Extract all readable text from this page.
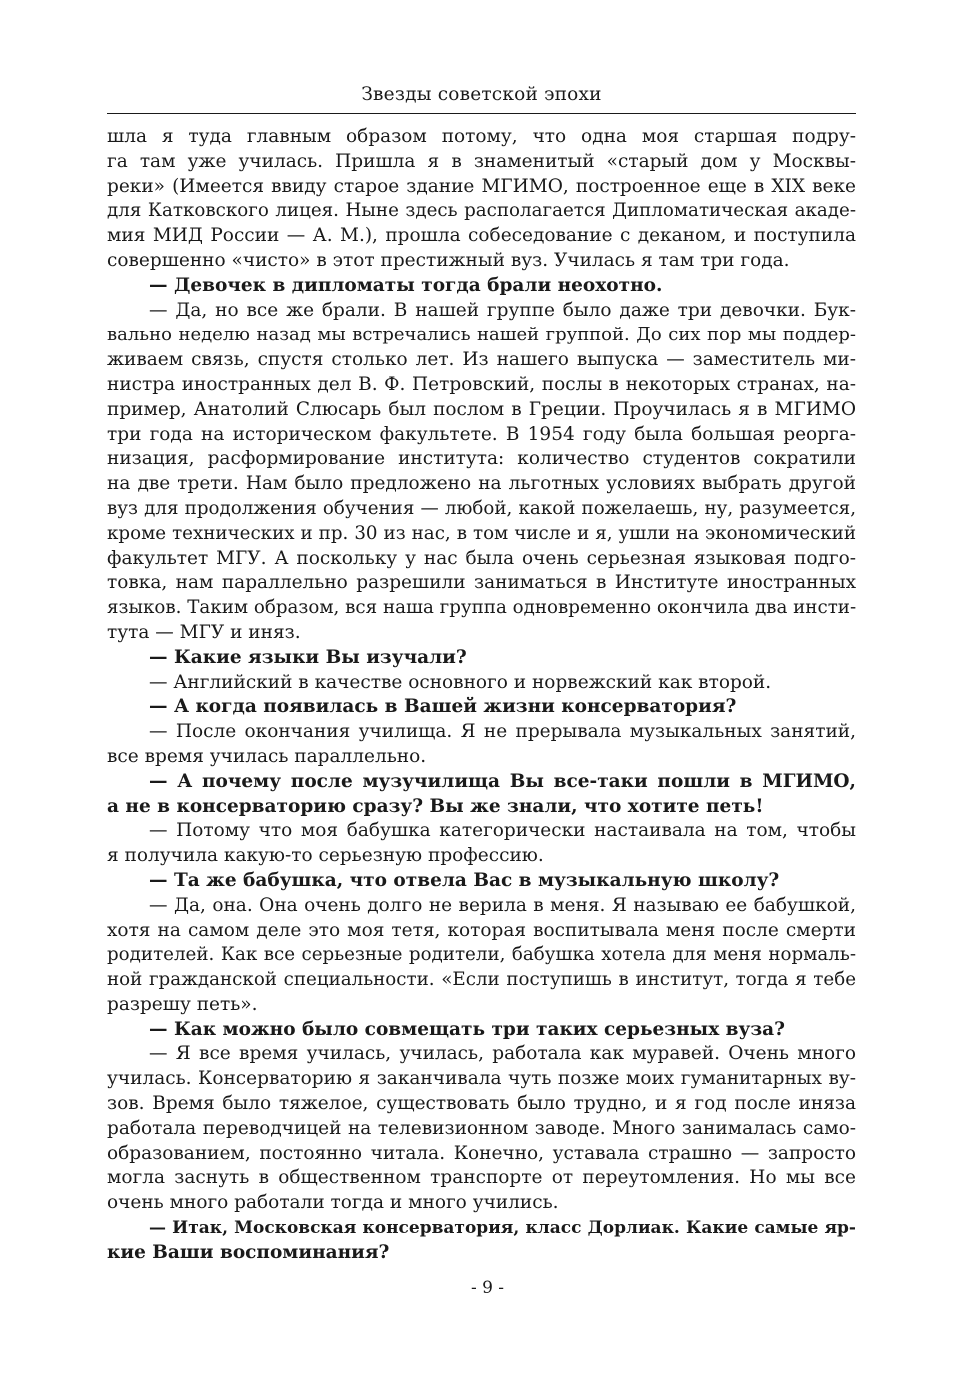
Звезды советской эпохи
шла я туда главным образом потому, что одна моя старшая подру-
га там уже училась. Пришла я в знаменитый «старый дом у Москвы-
реки» (Имеется ввиду старое здание МГИМО, построенное еще в XIX веке
для Катковского лицея. Ныне здесь располагается Дипломатическая акаде-
мия МИД России — А. М.), прошла собеседование с деканом, и поступила
совершенно «чисто» в этот престижный вуз. Училась я там три года.
— Девочек в дипломаты тогда брали неохотно.
— Да, но все же брали. В нашей группе было даже три девочки. Бук-
вально неделю назад мы встречались нашей группой. До сих пор мы поддер-
живаем связь, спустя столько лет. Из нашего выпуска — заместитель ми-
нистра иностранных дел В. Ф. Петровский, послы в некоторых странах, на-
пример, Анатолий Слюсарь был послом в Греции. Проучилась я в МГИМО
три года на историческом факультете. В 1954 году была большая реорга-
низация, расформирование института: количество студентов сократили
на две трети. Нам было предложено на льготных условиях выбрать другой
вуз для продолжения обучения — любой, какой пожелаешь, ну, разумеется,
кроме технических и пр. 30 из нас, в том числе и я, ушли на экономический
факультет МГУ. А поскольку у нас была очень серьезная языковая подго-
товка, нам параллельно разрешили заниматься в Институте иностранных
языков. Таким образом, вся наша группа одновременно окончила два инсти-
тута — МГУ и иняз.
— Какие языки Вы изучали?
— Английский в качестве основного и норвежский как второй.
— А когда появилась в Вашей жизни консерватория?
— После окончания училища. Я не прерывала музыкальных занятий,
все время училась параллельно.
— А почему после музучилища Вы все-таки пошли в МГИМО,
а не в консерваторию сразу? Вы же знали, что хотите петь!
— Потому что моя бабушка категорически настаивала на том, чтобы
я получила какую-то серьезную профессию.
— Та же бабушка, что отвела Вас в музыкальную школу?
— Да, она. Она очень долго не верила в меня. Я называю ее бабушкой,
хотя на самом деле это моя тетя, которая воспитывала меня после смерти
родителей. Как все серьезные родители, бабушка хотела для меня нормаль-
ной гражданской специальности. «Если поступишь в институт, тогда я тебе
разрешу петь».
— Как можно было совмещать три таких серьезных вуза?
— Я все время училась, училась, работала как муравей. Очень много
училась. Консерваторию я заканчивала чуть позже моих гуманитарных ву-
зов. Время было тяжелое, существовать было трудно, и я год после иняза
работала переводчицей на телевизионном заводе. Много занималась само-
образованием, постоянно читала. Конечно, уставала страшно — запросто
могла заснуть в общественном транспорте от переутомления. Но мы все
очень много работали тогда и много учились.
— Итак, Московская консерватория, класс Дорлиак. Какие самые яр-
кие Ваши воспоминания?
- 9 -
